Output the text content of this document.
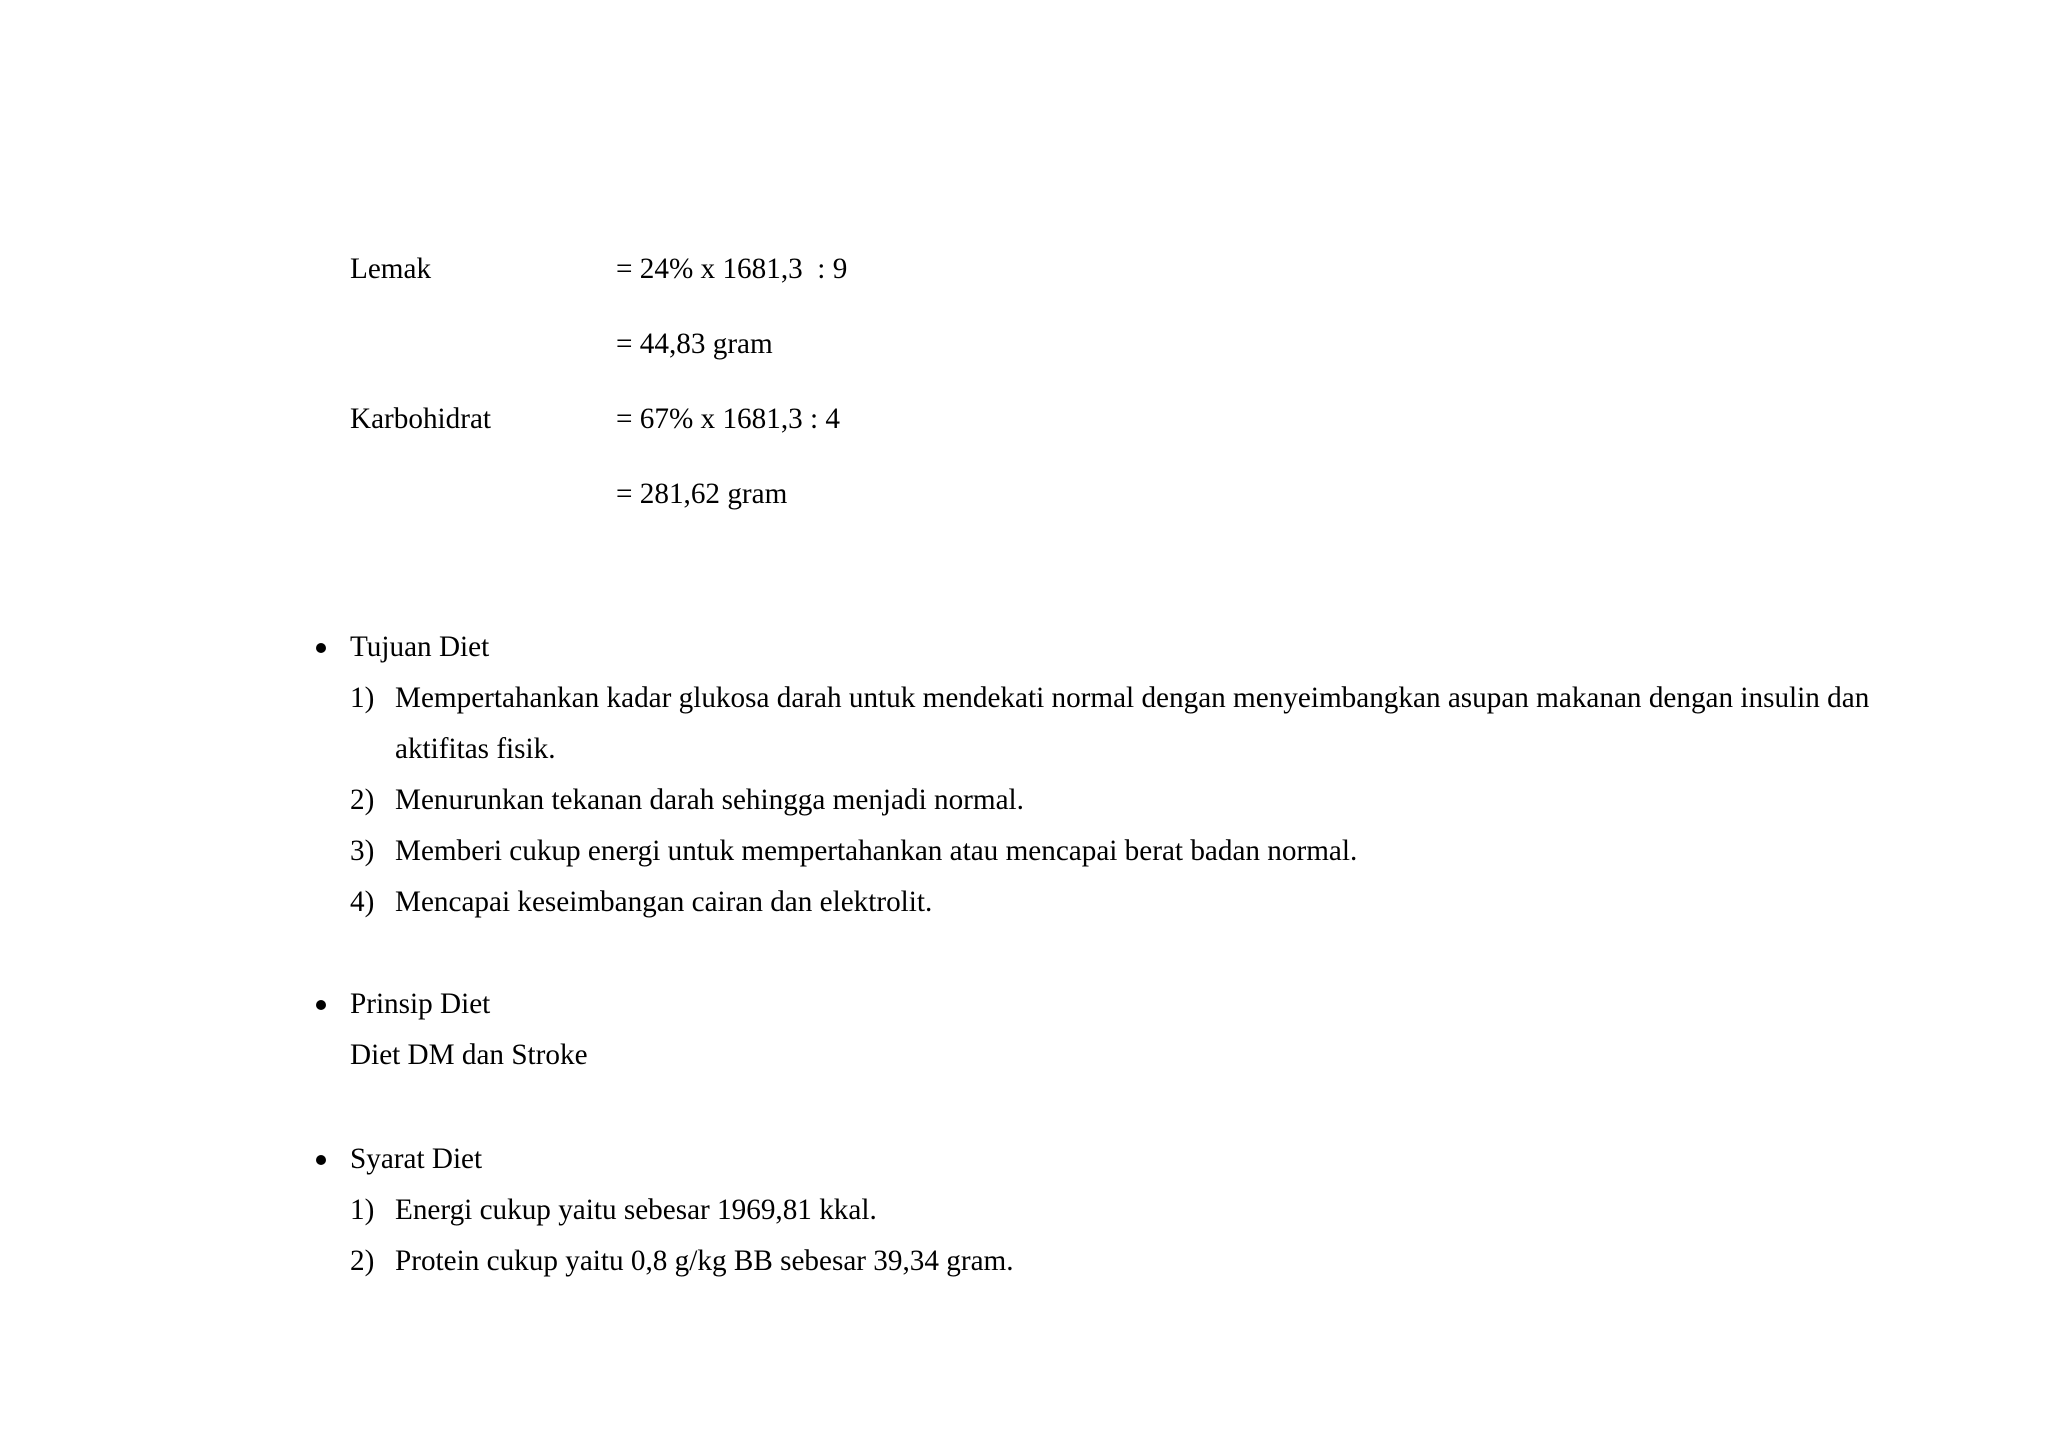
Lemak	= 24% x 1681,3  : 9
= 44,83 gram
Karbohidrat	= 67% x 1681,3 : 4
= 281,62 gram
Tujuan Diet
1) Mempertahankan kadar glukosa darah untuk mendekati normal dengan menyeimbangkan asupan makanan dengan insulin dan aktifitas fisik.

2) Menurunkan tekanan darah sehingga menjadi normal.

3) Memberi cukup energi untuk mempertahankan atau mencapai berat badan normal.

4) Mencapai keseimbangan cairan dan elektrolit.

Prinsip Diet
Diet DM dan Stroke
Syarat Diet
1) Energi cukup yaitu sebesar 1969,81 kkal.

2) Protein cukup yaitu 0,8 g/kg BB sebesar 39,34 gram.
